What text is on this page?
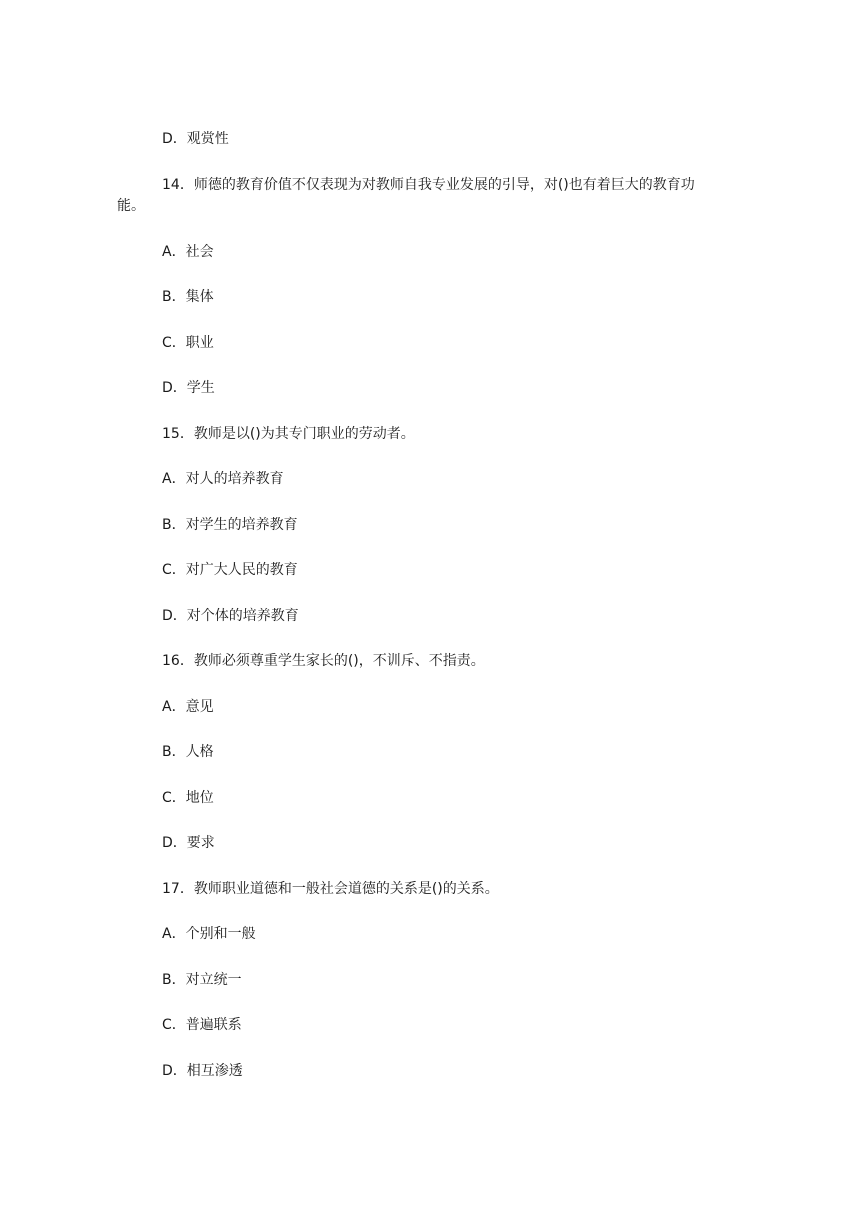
D．观赏性
14．师德的教育价值不仅表现为对教师自我专业发展的引导，对()也有着巨大的教育功
能。
A．社会
B．集体
C．职业
D．学生
15．教师是以()为其专门职业的劳动者。
A．对人的培养教育
B．对学生的培养教育
C．对广大人民的教育
D．对个体的培养教育
16．教师必须尊重学生家长的()，不训斥、不指责。
A．意见
B．人格
C．地位
D．要求
17．教师职业道德和一般社会道德的关系是()的关系。
A．个别和一般
B．对立统一
C．普遍联系
D．相互渗透
